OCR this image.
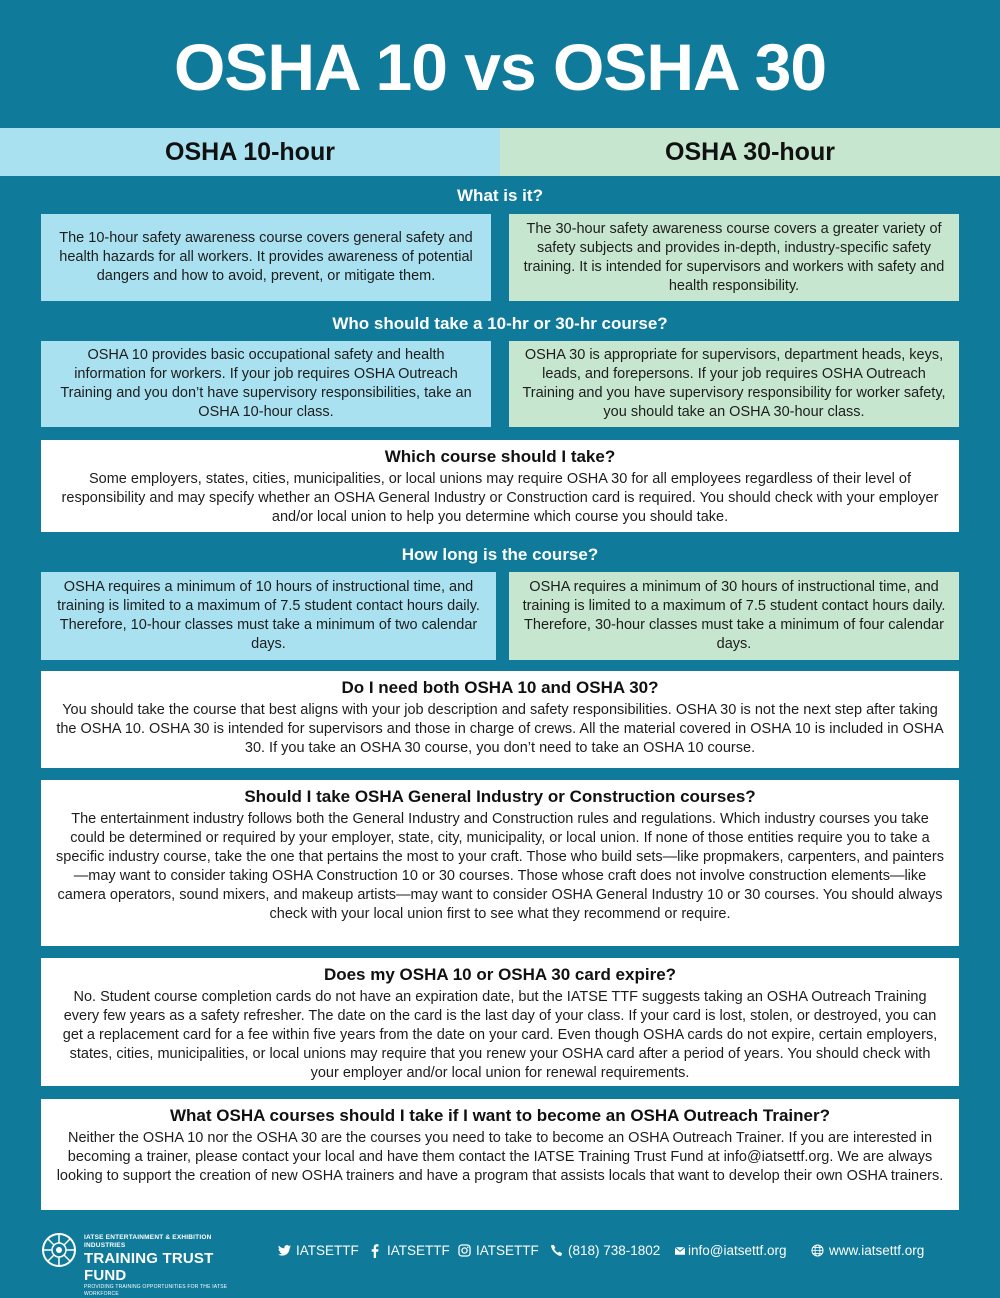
OSHA 10 vs OSHA 30
OSHA 10-hour	OSHA 30-hour
What is it?
The 10-hour safety awareness course covers general safety and health hazards for all workers. It provides awareness of potential dangers and how to avoid, prevent, or mitigate them.
The 30-hour safety awareness course covers a greater variety of safety subjects and provides in-depth, industry-specific safety training. It is intended for supervisors and workers with safety and health responsibility.
Who should take a 10-hr or 30-hr course?
OSHA 10 provides basic occupational safety and health information for workers. If your job requires OSHA Outreach Training and you don’t have supervisory responsibilities, take an OSHA 10-hour class.
OSHA 30 is appropriate for supervisors, department heads, keys, leads, and forepersons. If your job requires OSHA Outreach Training and you have supervisory responsibility for worker safety, you should take an OSHA 30-hour class.
Which course should I take?
Some employers, states, cities, municipalities, or local unions may require OSHA 30 for all employees regardless of their level of responsibility and may specify whether an OSHA General Industry or Construction card is required. You should check with your employer and/or local union to help you determine which course you should take.
How long is the course?
OSHA requires a minimum of 10 hours of instructional time, and training is limited to a maximum of 7.5 student contact hours daily. Therefore, 10-hour classes must take a minimum of two calendar days.
OSHA requires a minimum of 30 hours of instructional time, and training is limited to a maximum of 7.5 student contact hours daily. Therefore, 30-hour classes must take a minimum of four calendar days.
Do I need both OSHA 10 and OSHA 30?
You should take the course that best aligns with your job description and safety responsibilities. OSHA 30 is not the next step after taking the OSHA 10. OSHA 30 is intended for supervisors and those in charge of crews. All the material covered in OSHA 10 is included in OSHA 30. If you take an OSHA 30 course, you don’t need to take an OSHA 10 course.
Should I take OSHA General Industry or Construction courses?
The entertainment industry follows both the General Industry and Construction rules and regulations. Which industry courses you take could be determined or required by your employer, state, city, municipality, or local union. If none of those entities require you to take a specific industry course, take the one that pertains the most to your craft. Those who build sets—like propmakers, carpenters, and painters—may want to consider taking OSHA Construction 10 or 30 courses. Those whose craft does not involve construction elements—like camera operators, sound mixers, and makeup artists—may want to consider OSHA General Industry 10 or 30 courses. You should always check with your local union first to see what they recommend or require.
Does my OSHA 10 or OSHA 30 card expire?
No. Student course completion cards do not have an expiration date, but the IATSE TTF suggests taking an OSHA Outreach Training every few years as a safety refresher. The date on the card is the last day of your class. If your card is lost, stolen, or destroyed, you can get a replacement card for a fee within five years from the date on your card. Even though OSHA cards do not expire, certain employers, states, cities, municipalities, or local unions may require that you renew your OSHA card after a period of years. You should check with your employer and/or local union for renewal requirements.
What OSHA courses should I take if I want to become an OSHA Outreach Trainer?
Neither the OSHA 10 nor the OSHA 30 are the courses you need to take to become an OSHA Outreach Trainer. If you are interested in becoming a trainer, please contact your local and have them contact the IATSE Training Trust Fund at info@iatsettf.org. We are always looking to support the creation of new OSHA trainers and have a program that assists locals that want to develop their own OSHA trainers.
IATSE ENTERTAINMENT & EXHIBITION INDUSTRIES
TRAINING TRUST FUND
PROVIDING TRAINING OPPORTUNITIES FOR THE IATSE WORKFORCE
IATSETTF IATSETTF IATSETTF (818) 738-1802 info@iatsettf.org	www.iatsettf.org
